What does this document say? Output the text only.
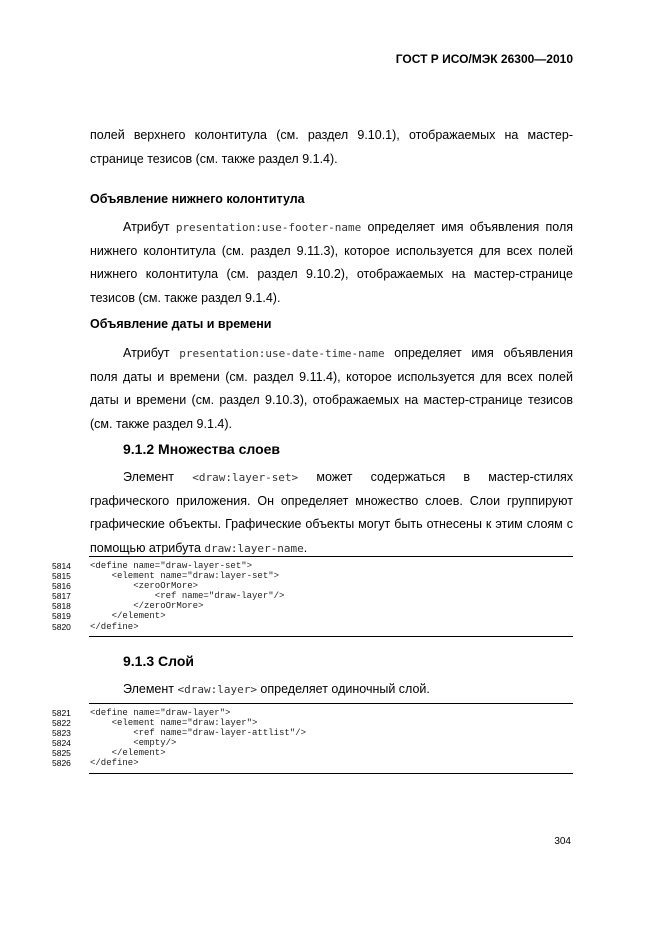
ГОСТ Р ИСО/МЭК 26300—2010

полей верхнего колонтитула (см. раздел 9.10.1), отображаемых на мастер-странице тезисов (см. также раздел 9.1.4).

Объявление нижнего колонтитула

Атрибут presentation:use-footer-name определяет имя объявления поля нижнего колонтитула (см. раздел 9.11.3), которое используется для всех полей нижнего колонтитула (см. раздел 9.10.2), отображаемых на мастер-странице тезисов (см. также раздел 9.1.4).

Объявление даты и времени

Атрибут presentation:use-date-time-name определяет имя объявления поля даты и времени (см. раздел 9.11.4), которое используется для всех полей даты и времени (см. раздел 9.10.3), отображаемых на мастер-странице тезисов (см. также раздел 9.1.4).

9.1.2 Множества слоев

Элемент <draw:layer-set> может содержаться в мастер-стилях графического приложения. Он определяет множество слоев. Слои группируют графические объекты. Графические объекты могут быть отнесены к этим слоям с помощью атрибута draw:layer-name.

5814	<define name="draw-layer-set">
5815	<element name="draw:layer-set">
5816	<zeroOrMore>
5817	<ref name="draw-layer"/>
5818	</zeroOrMore>
5819	</element>
5820	</define>
9.1.3 Слой

Элемент <draw:layer> определяет одиночный слой.

5821	<define name="draw-layer">
5822	<element name="draw:layer">
5823	<ref name="draw-layer-attlist"/>
5824	<empty/>
5825	</element>
5826	</define>
304
